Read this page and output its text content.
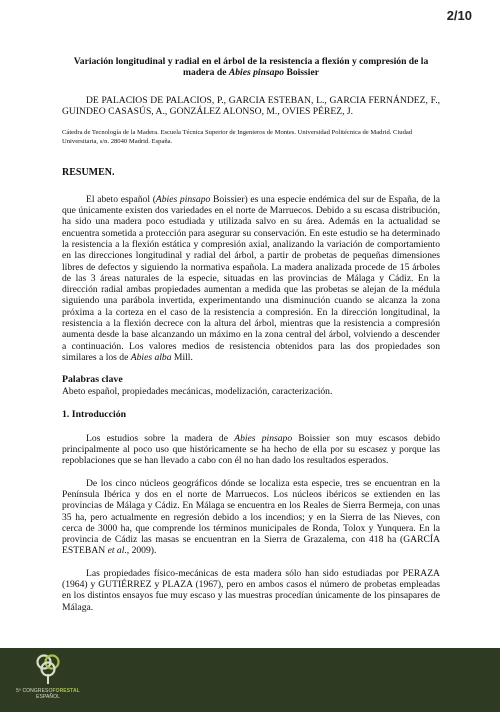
2/10

Variación longitudinal y radial en el árbol de la resistencia a flexión y compresión de la madera de Abies pinsapo Boissier

DE PALACIOS DE PALACIOS, P., GARCIA ESTEBAN, L., GARCIA FERNÁNDEZ, F., GUINDEO CASASÚS, A., GONZÁLEZ ALONSO, M., OVIES PÉREZ, J.

Cátedra de Tecnología de la Madera. Escuela Técnica Superior de Ingenieros de Montes. Universidad Politécnica de Madrid. Ciudad Universitaria, s/n. 28040 Madrid. España.

RESUMEN.

El abeto español (Abies pinsapo Boissier) es una especie endémica del sur de España, de la que únicamente existen dos variedades en el norte de Marruecos. Debido a su escasa distribución, ha sido una madera poco estudiada y utilizada salvo en su área. Además en la actualidad se encuentra sometida a protección para asegurar su conservación. En este estudio se ha determinado la resistencia a la flexión estática y compresión axial, analizando la variación de comportamiento en las direcciones longitudinal y radial del árbol, a partir de probetas de pequeñas dimensiones libres de defectos y siguiendo la normativa española. La madera analizada procede de 15 árboles de las 3 áreas naturales de la especie, situadas en las provincias de Málaga y Cádiz. En la dirección radial ambas propiedades aumentan a medida que las probetas se alejan de la médula siguiendo una parábola invertida, experimentando una disminución cuando se alcanza la zona próxima a la corteza en el caso de la resistencia a compresión. En la dirección longitudinal, la resistencia a la flexión decrece con la altura del árbol, mientras que la resistencia a compresión aumenta desde la base alcanzando un máximo en la zona central del árbol, volviendo a descender a continuación. Los valores medios de resistencia obtenidos para las dos propiedades son similares a los de Abies alba Mill.

Palabras clave

Abeto español, propiedades mecánicas, modelización, caracterización.

1. Introducción

Los estudios sobre la madera de Abies pinsapo Boissier son muy escasos debido principalmente al poco uso que históricamente se ha hecho de ella por su escasez y porque las repoblaciones que se han llevado a cabo con él no han dado los resultados esperados.

De los cinco núcleos geográficos dónde se localiza esta especie, tres se encuentran en la Península Ibérica y dos en el norte de Marruecos. Los núcleos ibéricos se extienden en las provincias de Málaga y Cádiz. En Málaga se encuentra en los Reales de Sierra Bermeja, con unas 35 ha, pero actualmente en regresión debido a los incendios; y en la Sierra de las Nieves, con cerca de 3000 ha, que comprende los términos municipales de Ronda, Tolox y Yunquera. En la provincia de Cádiz las masas se encuentran en la Sierra de Grazalema, con 418 ha (GARCÍA ESTEBAN et al., 2009).

Las propiedades físico-mecánicas de esta madera sólo han sido estudiadas por PERAZA (1964) y GUTIÉRREZ y PLAZA (1967), pero en ambos casos el número de probetas empleadas en los distintos ensayos fue muy escaso y las muestras procedían únicamente de los pinsapares de Málaga.

5º CONGRESOFORESTAL
ESPAÑOL
